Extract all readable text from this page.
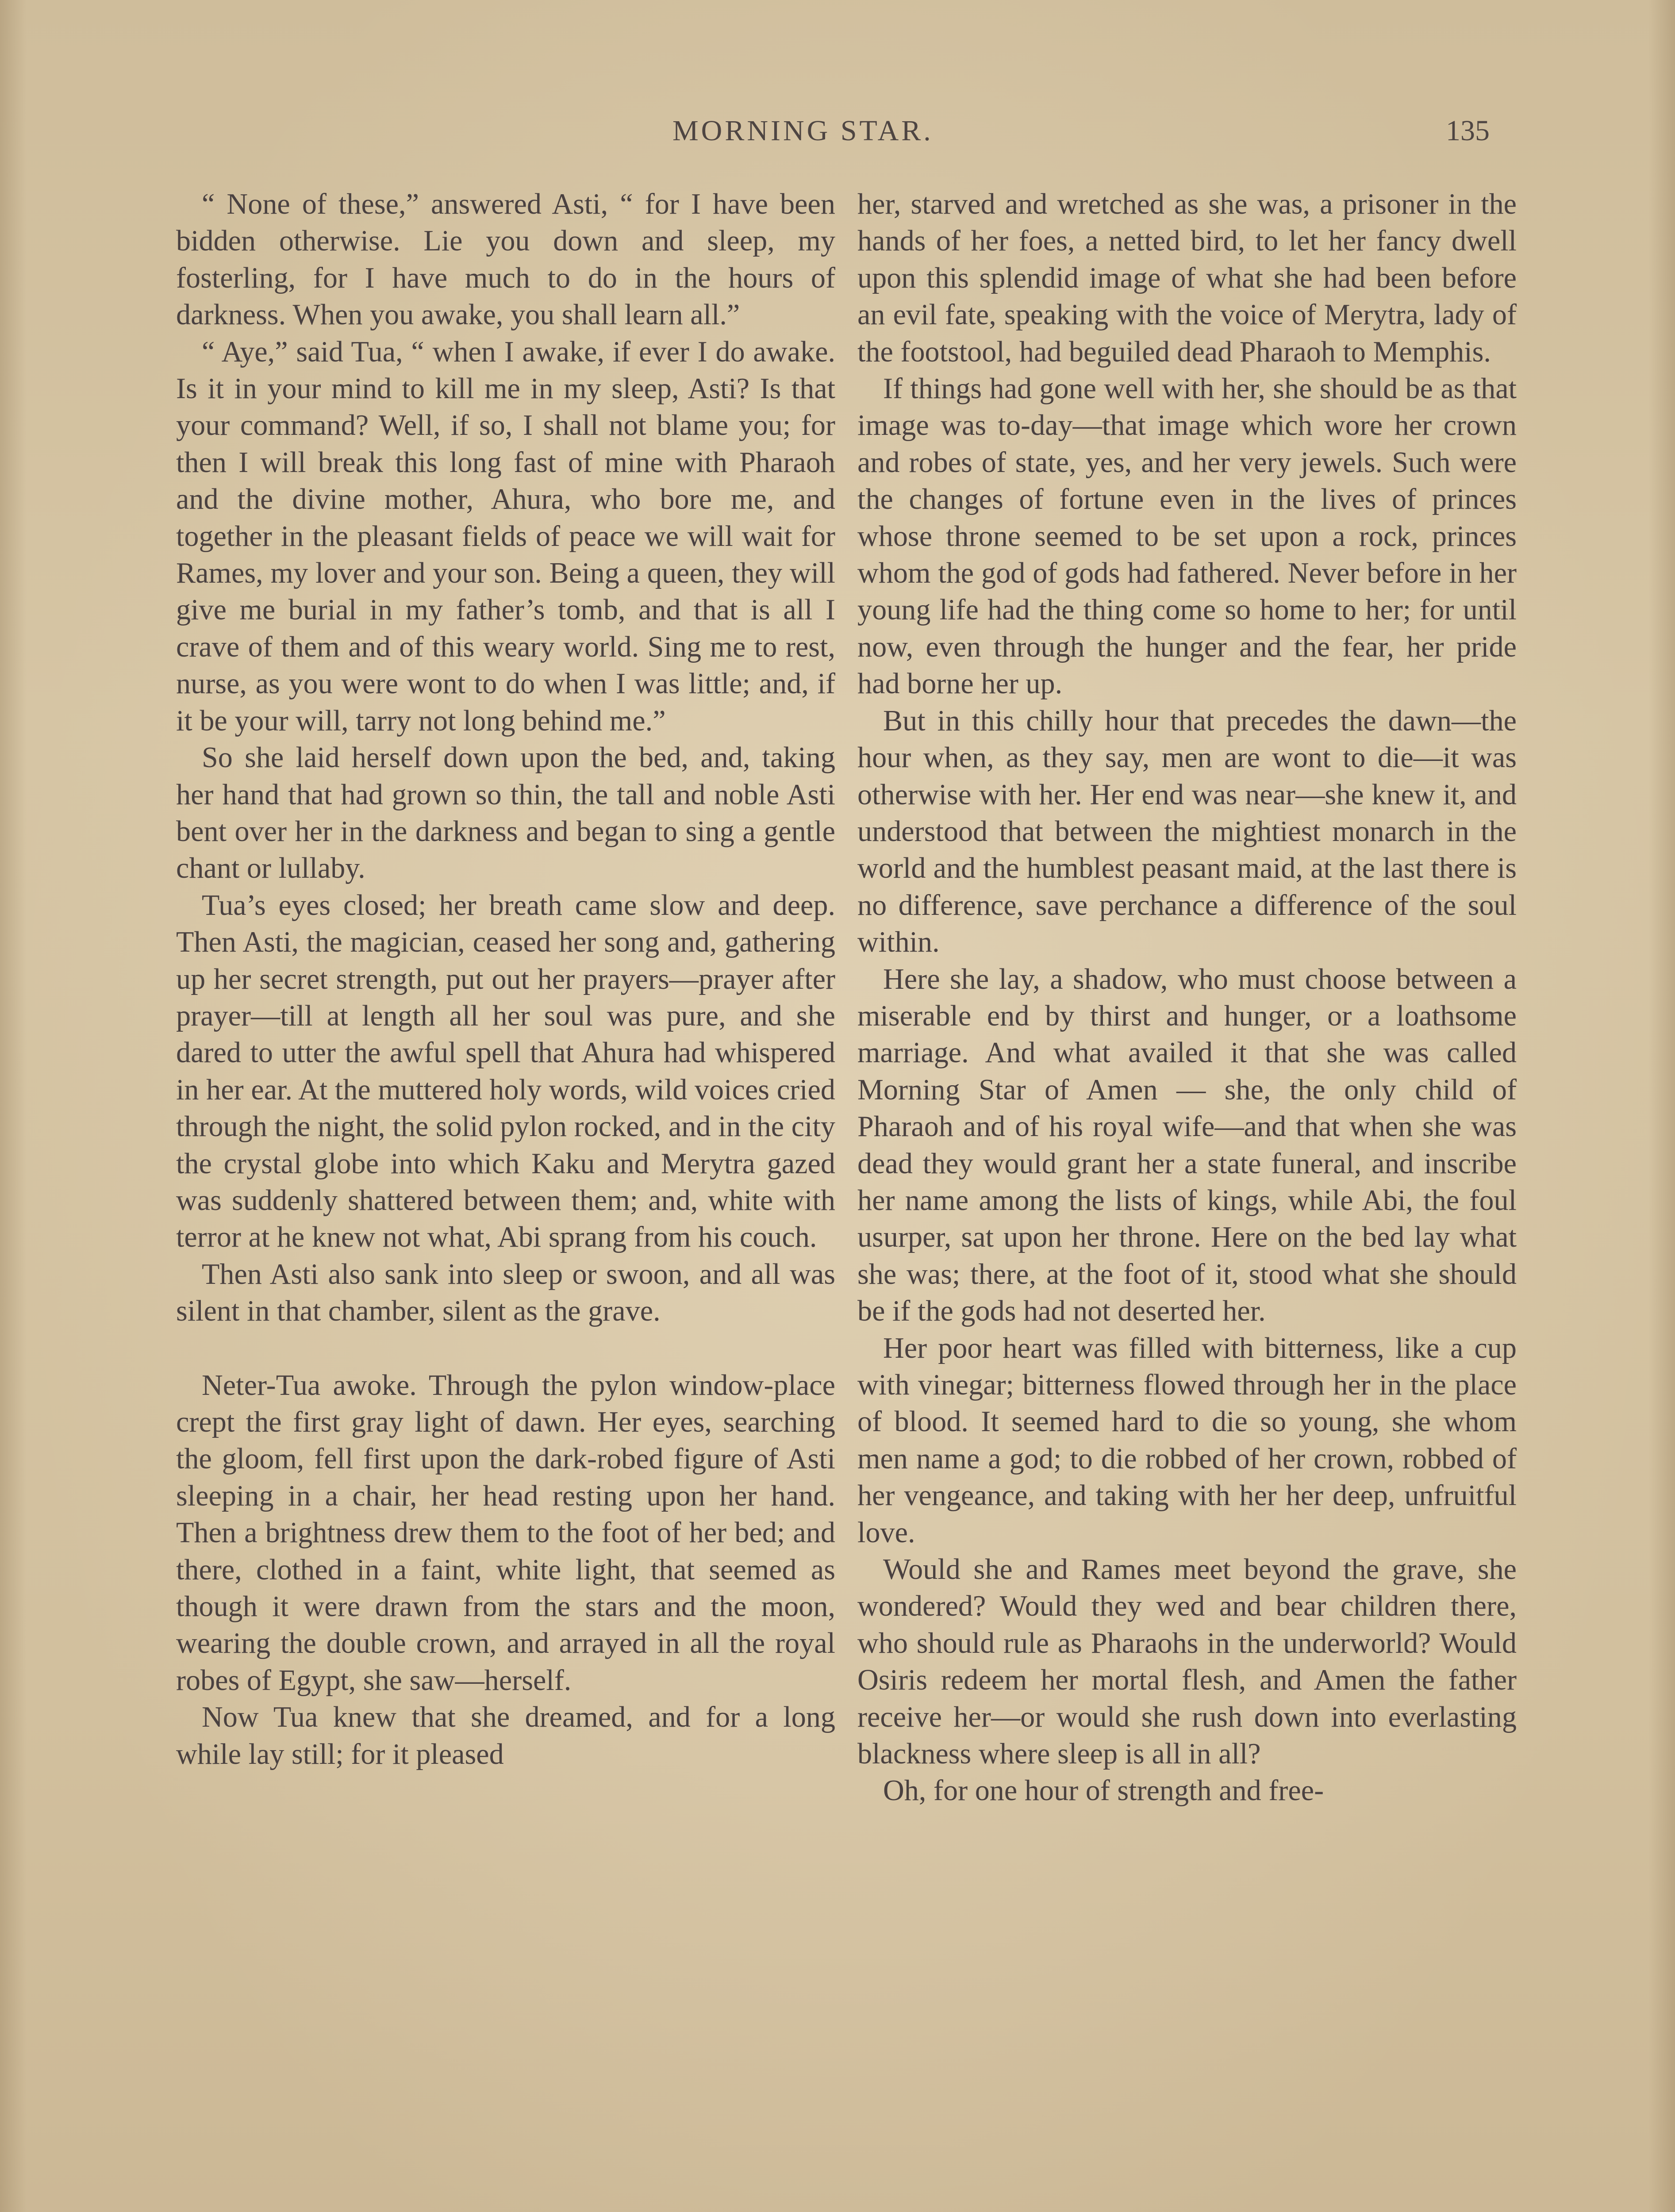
MORNING STAR.	135

“ None of these,” answered Asti, “ for I have been bidden otherwise. Lie you down and sleep, my fosterling, for I have much to do in the hours of darkness. When you awake, you shall learn all.”

“ Aye,” said Tua, “ when I awake, if ever I do awake. Is it in your mind to kill me in my sleep, Asti? Is that your command? Well, if so, I shall not blame you; for then I will break this long fast of mine with Pharaoh and the divine mother, Ahura, who bore me, and together in the pleasant fields of peace we will wait for Rames, my lover and your son. Being a queen, they will give me burial in my father’s tomb, and that is all I crave of them and of this weary world. Sing me to rest, nurse, as you were wont to do when I was little; and, if it be your will, tarry not long behind me.”

So she laid herself down upon the bed, and, taking her hand that had grown so thin, the tall and noble Asti bent over her in the darkness and began to sing a gentle chant or lullaby.

Tua’s eyes closed; her breath came slow and deep. Then Asti, the magician, ceased her song and, gathering up her secret strength, put out her prayers—prayer after prayer—till at length all her soul was pure, and she dared to utter the awful spell that Ahura had whispered in her ear. At the muttered holy words, wild voices cried through the night, the solid pylon rocked, and in the city the crystal globe into which Kaku and Merytra gazed was suddenly shattered between them; and, white with terror at he knew not what, Abi sprang from his couch.

Then Asti also sank into sleep or swoon, and all was silent in that chamber, silent as the grave.

Neter-Tua awoke. Through the pylon window-place crept the first gray light of dawn. Her eyes, searching the gloom, fell first upon the dark-robed figure of Asti sleeping in a chair, her head resting upon her hand. Then a brightness drew them to the foot of her bed; and there, clothed in a faint, white light, that seemed as though it were drawn from the stars and the moon, wearing the double crown, and arrayed in all the royal robes of Egypt, she saw—herself.

Now Tua knew that she dreamed, and for a long while lay still; for it pleased

her, starved and wretched as she was, a prisoner in the hands of her foes, a netted bird, to let her fancy dwell upon this splendid image of what she had been before an evil fate, speaking with the voice of Merytra, lady of the footstool, had beguiled dead Pharaoh to Memphis.

If things had gone well with her, she should be as that image was to-day—that image which wore her crown and robes of state, yes, and her very jewels. Such were the changes of fortune even in the lives of princes whose throne seemed to be set upon a rock, princes whom the god of gods had fathered. Never before in her young life had the thing come so home to her; for until now, even through the hunger and the fear, her pride had borne her up.

But in this chilly hour that precedes the dawn—the hour when, as they say, men are wont to die—it was otherwise with her. Her end was near—she knew it, and understood that between the mightiest monarch in the world and the humblest peasant maid, at the last there is no difference, save perchance a difference of the soul within.

Here she lay, a shadow, who must choose between a miserable end by thirst and hunger, or a loathsome marriage. And what availed it that she was called Morning Star of Amen — she, the only child of Pharaoh and of his royal wife—and that when she was dead they would grant her a state funeral, and inscribe her name among the lists of kings, while Abi, the foul usurper, sat upon her throne. Here on the bed lay what she was; there, at the foot of it, stood what she should be if the gods had not deserted her.

Her poor heart was filled with bitterness, like a cup with vinegar; bitterness flowed through her in the place of blood. It seemed hard to die so young, she whom men name a god; to die robbed of her crown, robbed of her vengeance, and taking with her her deep, unfruitful love.

Would she and Rames meet beyond the grave, she wondered? Would they wed and bear children there, who should rule as Pharaohs in the underworld? Would Osiris redeem her mortal flesh, and Amen the father receive her—or would she rush down into everlasting blackness where sleep is all in all?

Oh, for one hour of strength and free-
